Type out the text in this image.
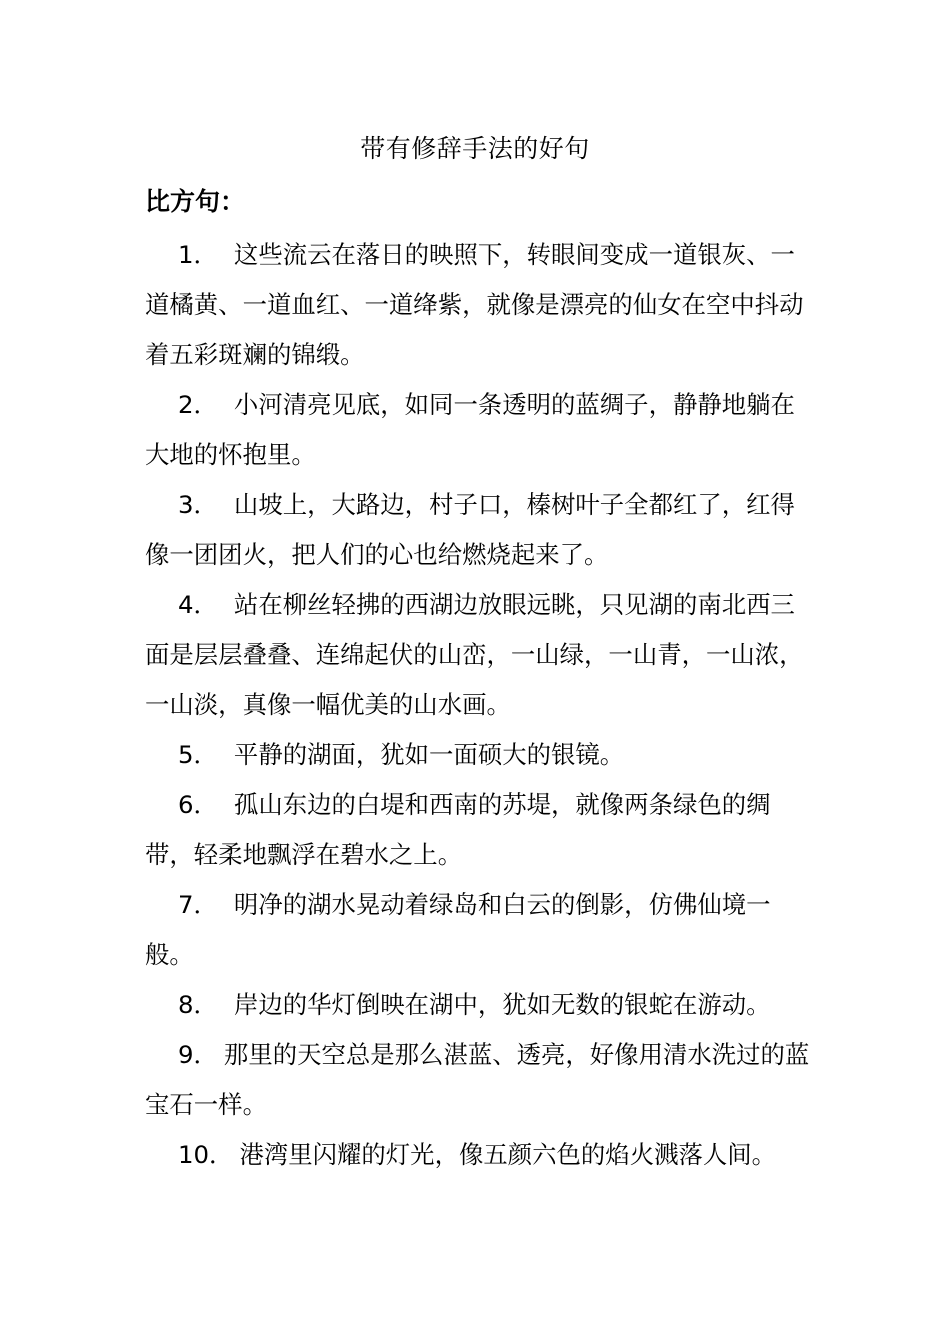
带有修辞手法的好句
比方句：

1． 这些流云在落日的映照下，转眼间变成一道银灰、一道橘黄、一道血红、一道绛紫，就像是漂亮的仙女在空中抖动着五彩斑斓的锦缎。

2． 小河清亮见底，如同一条透明的蓝绸子，静静地躺在大地的怀抱里。

3． 山坡上，大路边，村子口，榛树叶子全都红了，红得像一团团火，把人们的心也给燃烧起来了。

4． 站在柳丝轻拂的西湖边放眼远眺，只见湖的南北西三面是层层叠叠、连绵起伏的山峦，一山绿，一山青，一山浓，一山淡，真像一幅优美的山水画。

5． 平静的湖面，犹如一面硕大的银镜。

6． 孤山东边的白堤和西南的苏堤，就像两条绿色的绸带，轻柔地飘浮在碧水之上。

7． 明净的湖水晃动着绿岛和白云的倒影，仿佛仙境一般。

8． 岸边的华灯倒映在湖中，犹如无数的银蛇在游动。

9． 那里的天空总是那么湛蓝、透亮，好像用清水洗过的蓝宝石一样。

10． 港湾里闪耀的灯光，像五颜六色的焰火溅落人间。
